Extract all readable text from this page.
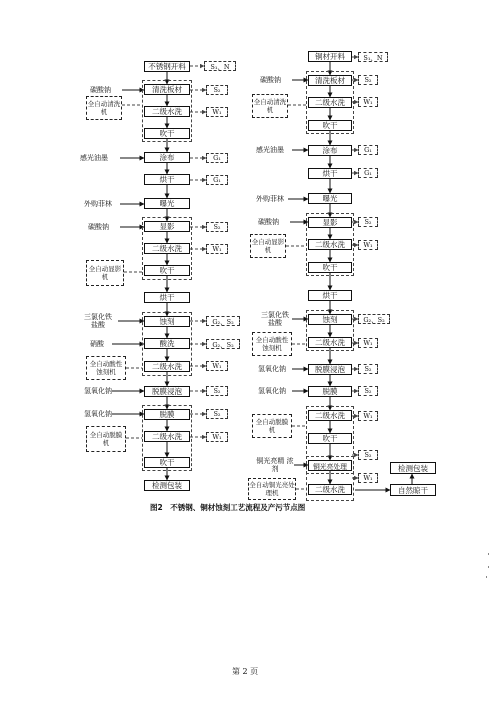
不锈钢开料
清洗板材
二级水洗
吹干
涂布
烘干
曝光
显影
二级水洗
吹干
烘干
蚀刻
酸洗
二级水洗
脱膜浸泡
脱膜
二级水洗
吹干
检测包装
碳酸钠
感光油墨
外购菲林
碳酸钠
三氯化铁 盐酸
硝酸
氢氧化钠
氢氧化钠
S₁、N
S₂
W₁
G₁
G₁
S₂
W₁
G₂、S₂
G₂、S₂
W₁
S₂
S₂
W₁
全自动清洗机
全自动显影机
全自动酸性蚀刻机
全自动脱膜机
铜材开料
清洗板材
二级水洗
吹干
涂布
烘干
曝光
显影
二级水洗
吹干
烘干
蚀刻
二级水洗
脱膜浸泡
脱膜
二级水洗
吹干
铜光亮处理
二级水洗	自然晾干
检测包装
碳酸钠
感光油墨
外购菲林
碳酸钠
三氯化铁 盐酸
氢氧化钠
氢氧化钠
铜光亮精 浓剂
S₁、N
S₂
W₁
G₁
G₁
S₂
W₁
G₂、S₂
W₁
S₂
S₂
W₁
S₂
W₁
全自动清洗机
全自动显影机
全自动酸性蚀刻机
全自动脱膜机
全自动铜光亮处理机
图2　不锈钢、铜材蚀刻工艺流程及产污节点图
第 2 页
